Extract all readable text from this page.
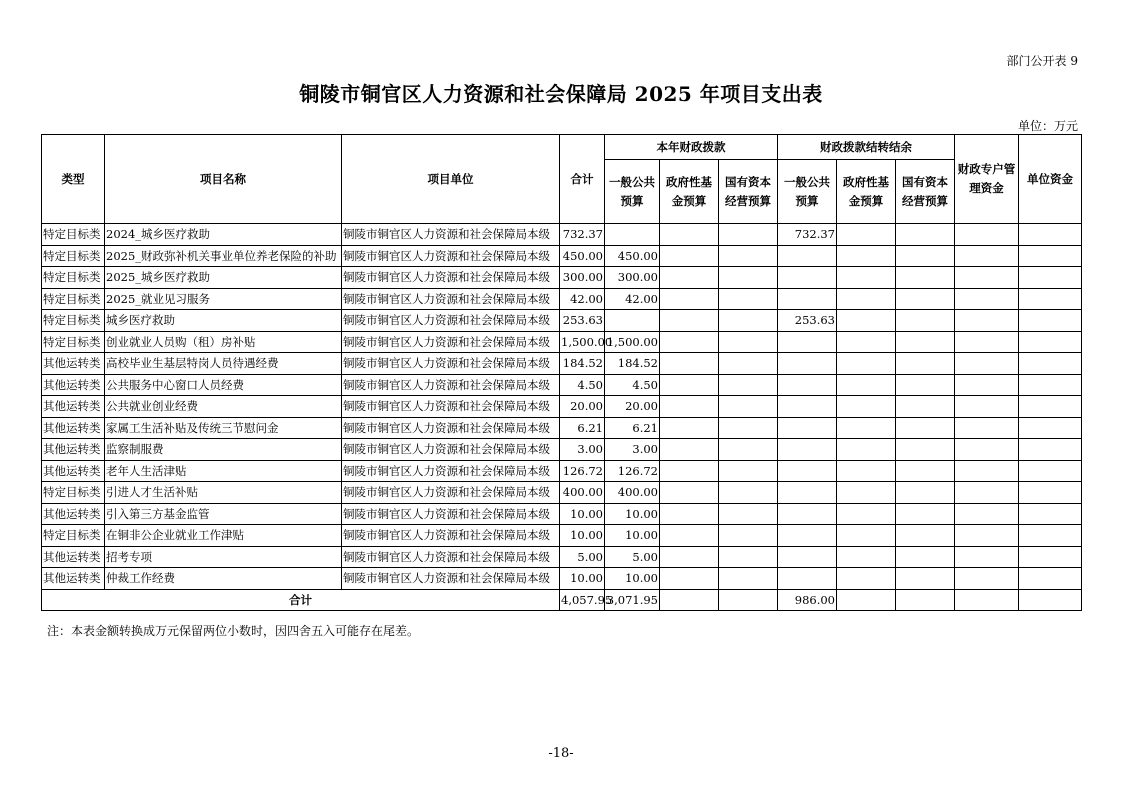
部门公开表 9
铜陵市铜官区人力资源和社会保障局 2025 年项目支出表
单位：万元
类型	项目名称	项目单位	合计	本年财政拨款			财政拨款结转结余			财政专户管理资金	单位资金
				一般公共预算	政府性基金预算	国有资本经营预算	一般公共预算	政府性基金预算	国有资本经营预算		
特定目标类	2024_城乡医疗救助	铜陵市铜官区人力资源和社会保障局本级	732.37				732.37				
特定目标类	2025_财政弥补机关事业单位养老保险的补助	铜陵市铜官区人力资源和社会保障局本级	450.00	450.00							
特定目标类	2025_城乡医疗救助	铜陵市铜官区人力资源和社会保障局本级	300.00	300.00							
特定目标类	2025_就业见习服务	铜陵市铜官区人力资源和社会保障局本级	42.00	42.00							
特定目标类	城乡医疗救助	铜陵市铜官区人力资源和社会保障局本级	253.63				253.63				
特定目标类	创业就业人员购（租）房补贴	铜陵市铜官区人力资源和社会保障局本级	1,500.00	1,500.00							
其他运转类	高校毕业生基层特岗人员待遇经费	铜陵市铜官区人力资源和社会保障局本级	184.52	184.52							
其他运转类	公共服务中心窗口人员经费	铜陵市铜官区人力资源和社会保障局本级	4.50	4.50							
其他运转类	公共就业创业经费	铜陵市铜官区人力资源和社会保障局本级	20.00	20.00							
其他运转类	家属工生活补贴及传统三节慰问金	铜陵市铜官区人力资源和社会保障局本级	6.21	6.21							
其他运转类	监察制服费	铜陵市铜官区人力资源和社会保障局本级	3.00	3.00							
其他运转类	老年人生活津贴	铜陵市铜官区人力资源和社会保障局本级	126.72	126.72							
特定目标类	引进人才生活补贴	铜陵市铜官区人力资源和社会保障局本级	400.00	400.00							
其他运转类	引入第三方基金监管	铜陵市铜官区人力资源和社会保障局本级	10.00	10.00							
特定目标类	在铜非公企业就业工作津贴	铜陵市铜官区人力资源和社会保障局本级	10.00	10.00							
其他运转类	招考专项	铜陵市铜官区人力资源和社会保障局本级	5.00	5.00							
其他运转类	仲裁工作经费	铜陵市铜官区人力资源和社会保障局本级	10.00	10.00							
合计			4,057.95	3,071.95			986.00				
注：本表金额转换成万元保留两位小数时，因四舍五入可能存在尾差。
-18-
